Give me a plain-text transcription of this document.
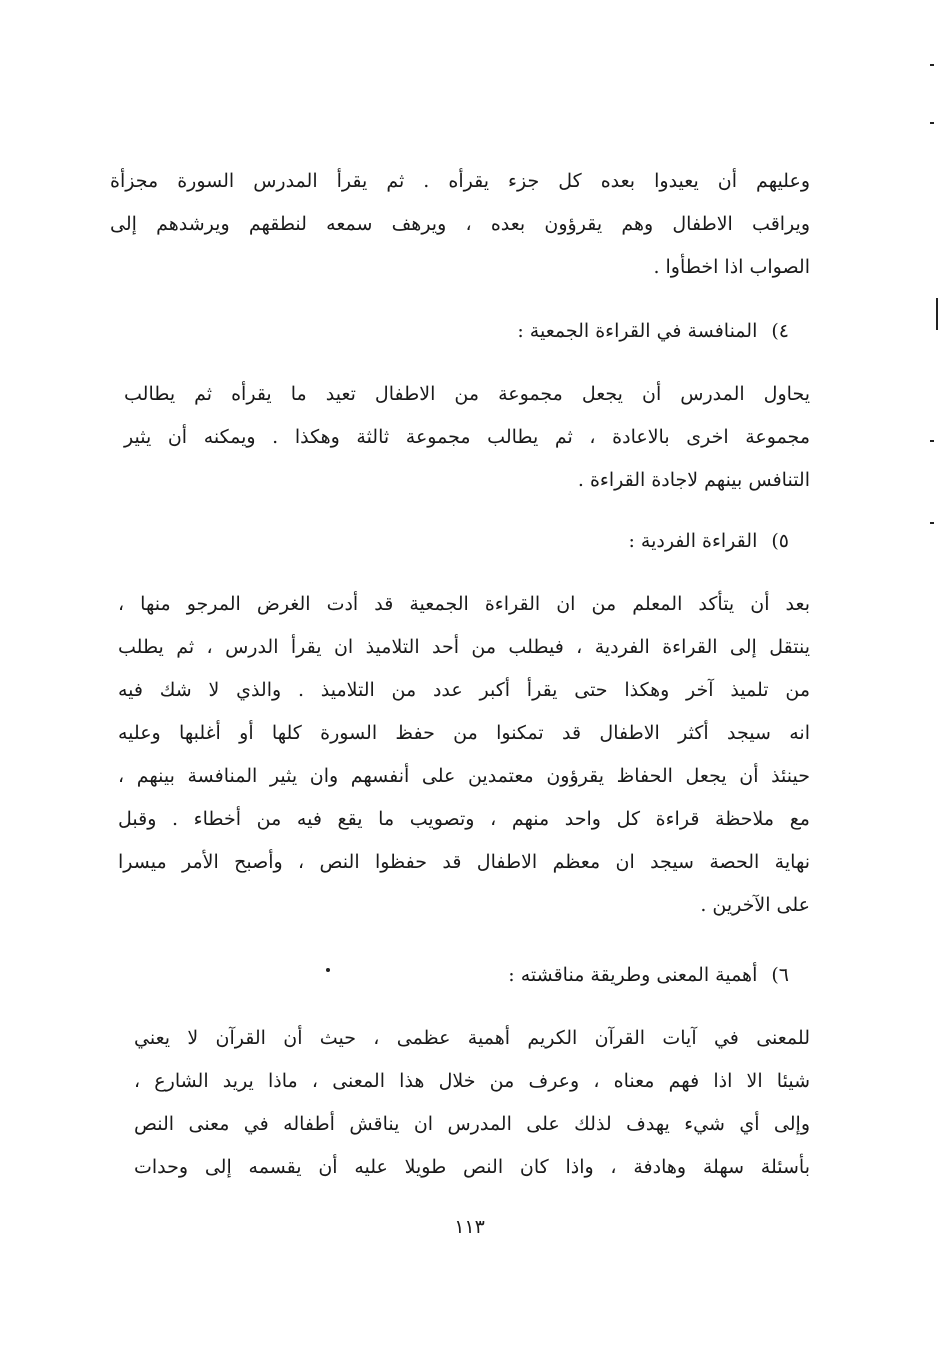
وعليهم أن يعيدوا بعده كل جزء يقرأه . ثم يقرأ المدرس السورة مجزأة
ويراقب الاطفال وهم يقرؤون بعده ، ويرهف سمعه لنطقهم ويرشدهم إلى
الصواب اذا اخطأوا .
٤)المنافسة في القراءة الجمعية :
يحاول المدرس أن يجعل مجموعة من الاطفال تعيد ما يقرأه ثم يطالب
مجموعة اخرى بالاعادة ، ثم يطالب مجموعة ثالثة وهكذا . ويمكنه أن يثير
التنافس بينهم لاجادة القراءة .
٥)القراءة الفردية :
بعد أن يتأكد المعلم من ان القراءة الجمعية قد أدت الغرض المرجو منها ،
ينتقل إلى القراءة الفردية ، فيطلب من أحد التلاميذ ان يقرأ الدرس ، ثم يطلب
من تلميذ آخر وهكذا حتى يقرأ أكبر عدد من التلاميذ . والذي لا شك فيه
انه سيجد أكثر الاطفال قد تمكنوا من حفظ السورة كلها أو أغلبها وعليه
حينئذ أن يجعل الحفاظ يقرؤون معتمدين على أنفسهم وان يثير المنافسة بينهم ،
مع ملاحظة قراءة كل واحد منهم ، وتصويب ما يقع فيه من أخطاء . وقبل
نهاية الحصة سيجد ان معظم الاطفال قد حفظوا النص ، وأصبح الأمر ميسرا
على الآخرين .
٦)أهمية المعنى وطريقة مناقشته :
للمعنى في آيات القرآن الكريم أهمية عظمى ، حيث أن القرآن لا يعني
شيئا الا اذا فهم معناه ، وعرف من خلال هذا المعنى ، ماذا يريد الشارع ،
وإلى أي شيء يهدف لذلك على المدرس ان يناقش أطفاله في معنى النص
بأسئلة سهلة وهادفة ، واذا كان النص طويلا عليه أن يقسمه إلى وحدات
١١٣
